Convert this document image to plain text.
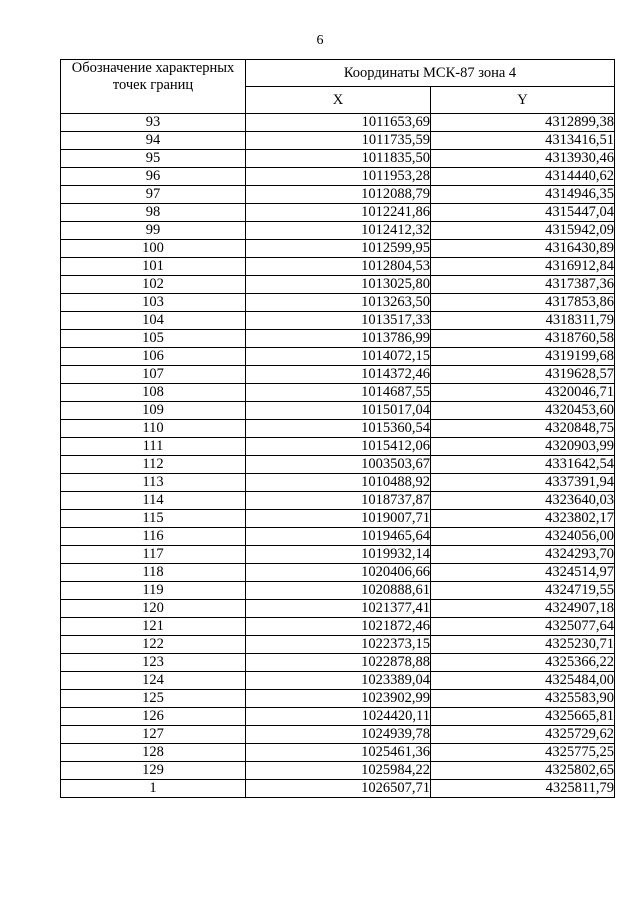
6
Обозначение характерных точек границ	Координаты МСК-87 зона 4	
	X	Y
93	1011653,69	4312899,38
94	1011735,59	4313416,51
95	1011835,50	4313930,46
96	1011953,28	4314440,62
97	1012088,79	4314946,35
98	1012241,86	4315447,04
99	1012412,32	4315942,09
100	1012599,95	4316430,89
101	1012804,53	4316912,84
102	1013025,80	4317387,36
103	1013263,50	4317853,86
104	1013517,33	4318311,79
105	1013786,99	4318760,58
106	1014072,15	4319199,68
107	1014372,46	4319628,57
108	1014687,55	4320046,71
109	1015017,04	4320453,60
110	1015360,54	4320848,75
111	1015412,06	4320903,99
112	1003503,67	4331642,54
113	1010488,92	4337391,94
114	1018737,87	4323640,03
115	1019007,71	4323802,17
116	1019465,64	4324056,00
117	1019932,14	4324293,70
118	1020406,66	4324514,97
119	1020888,61	4324719,55
120	1021377,41	4324907,18
121	1021872,46	4325077,64
122	1022373,15	4325230,71
123	1022878,88	4325366,22
124	1023389,04	4325484,00
125	1023902,99	4325583,90
126	1024420,11	4325665,81
127	1024939,78	4325729,62
128	1025461,36	4325775,25
129	1025984,22	4325802,65
1	1026507,71	4325811,79
